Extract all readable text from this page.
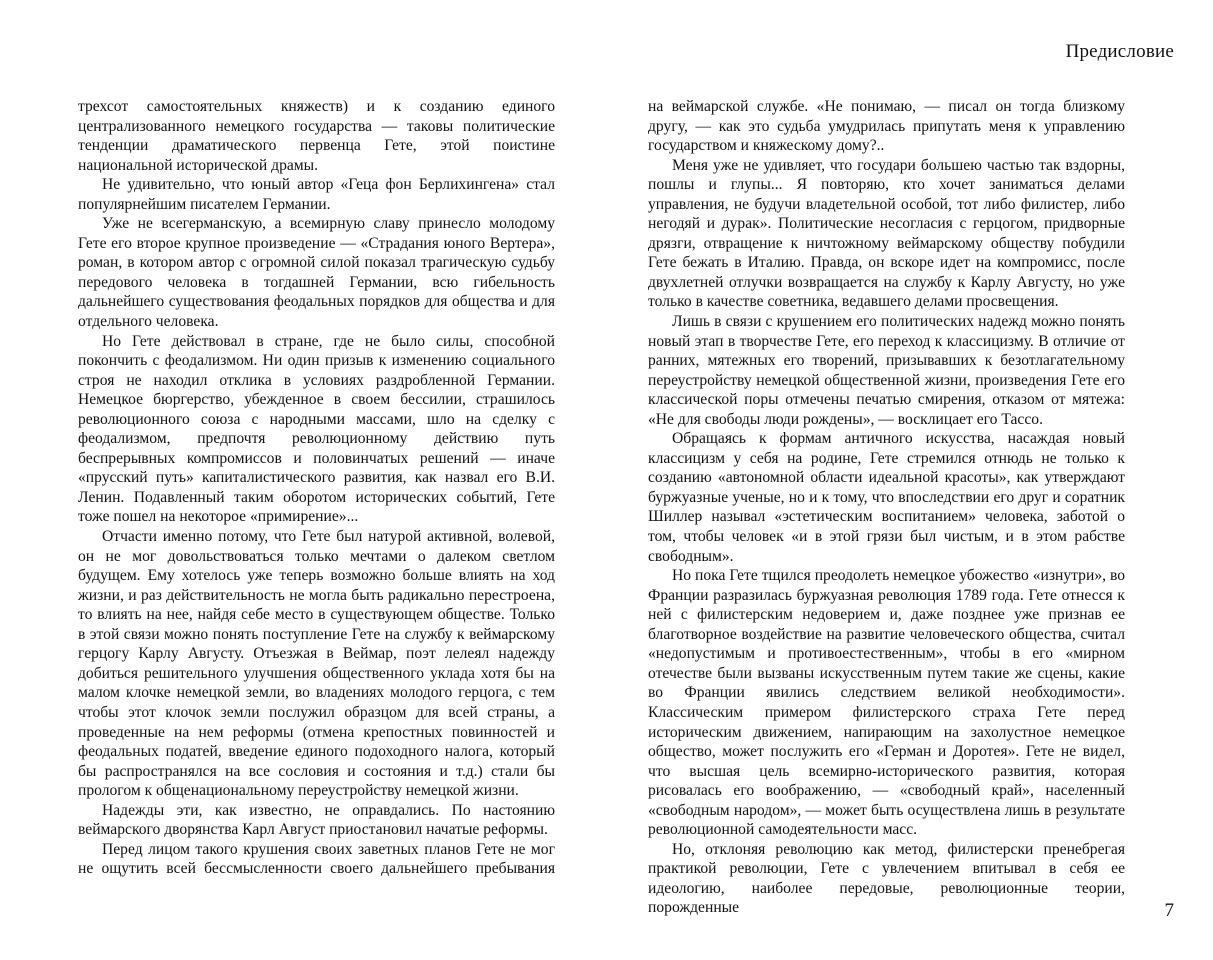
Предисловие

трехсот самостоятельных княжеств) и к созданию единого централизованного немецкого государства — таковы политические тенденции драматического первенца Гете, этой поистине национальной исторической драмы.

Не удивительно, что юный автор «Геца фон Берлихингена» стал популярнейшим писателем Германии.

Уже не всегерманскую, а всемирную славу принесло молодому Гете его второе крупное произведение — «Страдания юного Вертера», роман, в котором автор с огромной силой показал трагическую судьбу передового человека в тогдашней Германии, всю гибельность дальнейшего существования феодальных порядков для общества и для отдельного человека.

Но Гете действовал в стране, где не было силы, способной покончить с феодализмом. Ни один призыв к изменению социального строя не находил отклика в условиях раздробленной Германии. Немецкое бюргерство, убежденное в своем бессилии, страшилось революционного союза с народными массами, шло на сделку с феодализмом, предпочтя революционному действию путь беспрерывных компромиссов и половинчатых решений — иначе «прусский путь» капиталистического развития, как назвал его В.И. Ленин. Подавленный таким оборотом исторических событий, Гете тоже пошел на некоторое «примирение»...

Отчасти именно потому, что Гете был натурой активной, волевой, он не мог довольствоваться только мечтами о далеком светлом будущем. Ему хотелось уже теперь возможно больше влиять на ход жизни, и раз действительность не могла быть радикально перестроена, то влиять на нее, найдя себе место в существующем обществе. Только в этой связи можно понять поступление Гете на службу к веймарскому герцогу Карлу Августу. Отъезжая в Веймар, поэт лелеял надежду добиться решительного улучшения общественного уклада хотя бы на малом клочке немецкой земли, во владениях молодого герцога, с тем чтобы этот клочок земли послужил образцом для всей страны, а проведенные на нем реформы (отмена крепостных повинностей и феодальных податей, введение единого подоходного налога, который бы распространялся на все сословия и состояния и т.д.) стали бы прологом к общенациональному переустройству немецкой жизни.

Надежды эти, как известно, не оправдались. По настоянию веймарского дворянства Карл Август приостановил начатые реформы.

Перед лицом такого крушения своих заветных планов Гете не мог не ощутить всей бессмысленности своего дальнейшего пребывания

на веймарской службе. «Не понимаю, — писал он тогда близкому другу, — как это судьба умудрилась припутать меня к управлению государством и княжескому дому?..

Меня уже не удивляет, что государи большею частью так вздорны, пошлы и глупы... Я повторяю, кто хочет заниматься делами управления, не будучи владетельной особой, тот либо филистер, либо негодяй и дурак». Политические несогласия с герцогом, придворные дрязги, отвращение к ничтожному веймарскому обществу побудили Гете бежать в Италию. Правда, он вскоре идет на компромисс, после двухлетней отлучки возвращается на службу к Карлу Августу, но уже только в качестве советника, ведавшего делами просвещения.

Лишь в связи с крушением его политических надежд можно понять новый этап в творчестве Гете, его переход к классицизму. В отличие от ранних, мятежных его творений, призывавших к безотлагательному переустройству немецкой общественной жизни, произведения Гете его классической поры отмечены печатью смирения, отказом от мятежа: «Не для свободы люди рождены», — восклицает его Тассо.

Обращаясь к формам античного искусства, насаждая новый классицизм у себя на родине, Гете стремился отнюдь не только к созданию «автономной области идеальной красоты», как утверждают буржуазные ученые, но и к тому, что впоследствии его друг и соратник Шиллер называл «эстетическим воспитанием» человека, заботой о том, чтобы человек «и в этой грязи был чистым, и в этом рабстве свободным».

Но пока Гете тщился преодолеть немецкое убожество «изнутри», во Франции разразилась буржуазная революция 1789 года. Гете отнесся к ней с филистерским недоверием и, даже позднее уже признав ее благотворное воздействие на развитие человеческого общества, считал «недопустимым и противоестественным», чтобы в его «мирном отечестве были вызваны искусственным путем такие же сцены, какие во Франции явились следствием великой необходимости». Классическим примером филистерского страха Гете перед историческим движением, напирающим на захолустное немецкое общество, может послужить его «Герман и Доротея». Гете не видел, что высшая цель всемирно-исторического развития, которая рисовалась его воображению, — «свободный край», населенный «свободным народом», — может быть осуществлена лишь в результате революционной самодеятельности масс.

Но, отклоняя революцию как метод, филистерски пренебрегая практикой революции, Гете с увлечением впитывал в себя ее идеологию, наиболее передовые, революционные теории, порожденные	7
